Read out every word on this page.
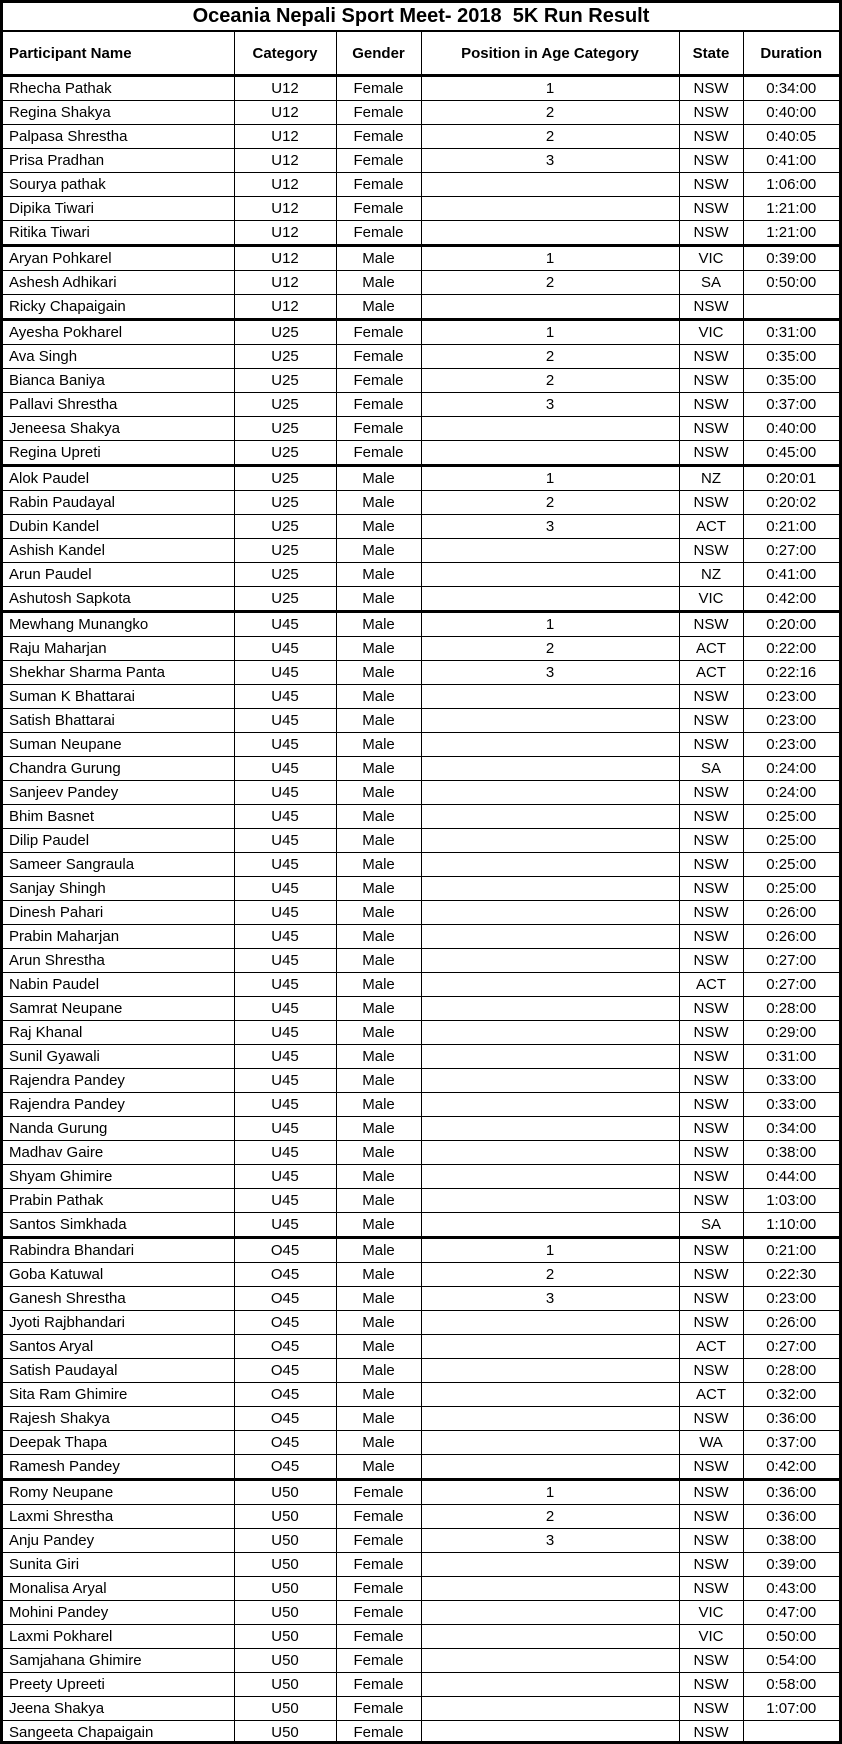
Oceania Nepali Sport Meet- 2018  5K Run Result
Participant Name	Category	Gender	Position in Age Category	State	Duration
Rhecha Pathak	U12	Female	1	NSW	0:34:00
Regina Shakya	U12	Female	2	NSW	0:40:00
Palpasa Shrestha	U12	Female	2	NSW	0:40:05
Prisa Pradhan	U12	Female	3	NSW	0:41:00
Sourya pathak	U12	Female		NSW	1:06:00
Dipika Tiwari	U12	Female		NSW	1:21:00
Ritika Tiwari	U12	Female		NSW	1:21:00
Aryan Pohkarel	U12	Male	1	VIC	0:39:00
Ashesh Adhikari	U12	Male	2	SA	0:50:00
Ricky Chapaigain	U12	Male		NSW	
Ayesha Pokharel	U25	Female	1	VIC	0:31:00
Ava Singh	U25	Female	2	NSW	0:35:00
Bianca Baniya	U25	Female	2	NSW	0:35:00
Pallavi Shrestha	U25	Female	3	NSW	0:37:00
Jeneesa Shakya	U25	Female		NSW	0:40:00
Regina Upreti	U25	Female		NSW	0:45:00
Alok Paudel	U25	Male	1	NZ	0:20:01
Rabin Paudayal	U25	Male	2	NSW	0:20:02
Dubin Kandel	U25	Male	3	ACT	0:21:00
Ashish Kandel	U25	Male		NSW	0:27:00
Arun Paudel	U25	Male		NZ	0:41:00
Ashutosh Sapkota	U25	Male		VIC	0:42:00
Mewhang Munangko	U45	Male	1	NSW	0:20:00
Raju Maharjan	U45	Male	2	ACT	0:22:00
Shekhar Sharma Panta	U45	Male	3	ACT	0:22:16
Suman K Bhattarai	U45	Male		NSW	0:23:00
Satish Bhattarai	U45	Male		NSW	0:23:00
Suman Neupane	U45	Male		NSW	0:23:00
Chandra Gurung	U45	Male		SA	0:24:00
Sanjeev Pandey	U45	Male		NSW	0:24:00
Bhim Basnet	U45	Male		NSW	0:25:00
Dilip Paudel	U45	Male		NSW	0:25:00
Sameer Sangraula	U45	Male		NSW	0:25:00
Sanjay Shingh	U45	Male		NSW	0:25:00
Dinesh Pahari	U45	Male		NSW	0:26:00
Prabin Maharjan	U45	Male		NSW	0:26:00
Arun Shrestha	U45	Male		NSW	0:27:00
Nabin Paudel	U45	Male		ACT	0:27:00
Samrat Neupane	U45	Male		NSW	0:28:00
Raj Khanal	U45	Male		NSW	0:29:00
Sunil Gyawali	U45	Male		NSW	0:31:00
Rajendra Pandey	U45	Male		NSW	0:33:00
Rajendra Pandey	U45	Male		NSW	0:33:00
Nanda Gurung	U45	Male		NSW	0:34:00
Madhav Gaire	U45	Male		NSW	0:38:00
Shyam Ghimire	U45	Male		NSW	0:44:00
Prabin Pathak	U45	Male		NSW	1:03:00
Santos Simkhada	U45	Male		SA	1:10:00
Rabindra Bhandari	O45	Male	1	NSW	0:21:00
Goba Katuwal	O45	Male	2	NSW	0:22:30
Ganesh Shrestha	O45	Male	3	NSW	0:23:00
Jyoti Rajbhandari	O45	Male		NSW	0:26:00
Santos Aryal	O45	Male		ACT	0:27:00
Satish Paudayal	O45	Male		NSW	0:28:00
Sita Ram Ghimire	O45	Male		ACT	0:32:00
Rajesh Shakya	O45	Male		NSW	0:36:00
Deepak Thapa	O45	Male		WA	0:37:00
Ramesh Pandey	O45	Male		NSW	0:42:00
Romy Neupane	U50	Female	1	NSW	0:36:00
Laxmi Shrestha	U50	Female	2	NSW	0:36:00
Anju Pandey	U50	Female	3	NSW	0:38:00
Sunita Giri	U50	Female		NSW	0:39:00
Monalisa Aryal	U50	Female		NSW	0:43:00
Mohini Pandey	U50	Female		VIC	0:47:00
Laxmi Pokharel	U50	Female		VIC	0:50:00
Samjahana Ghimire	U50	Female		NSW	0:54:00
Preety Upreeti	U50	Female		NSW	0:58:00
Jeena Shakya	U50	Female		NSW	1:07:00
Sangeeta Chapaigain	U50	Female		NSW	
